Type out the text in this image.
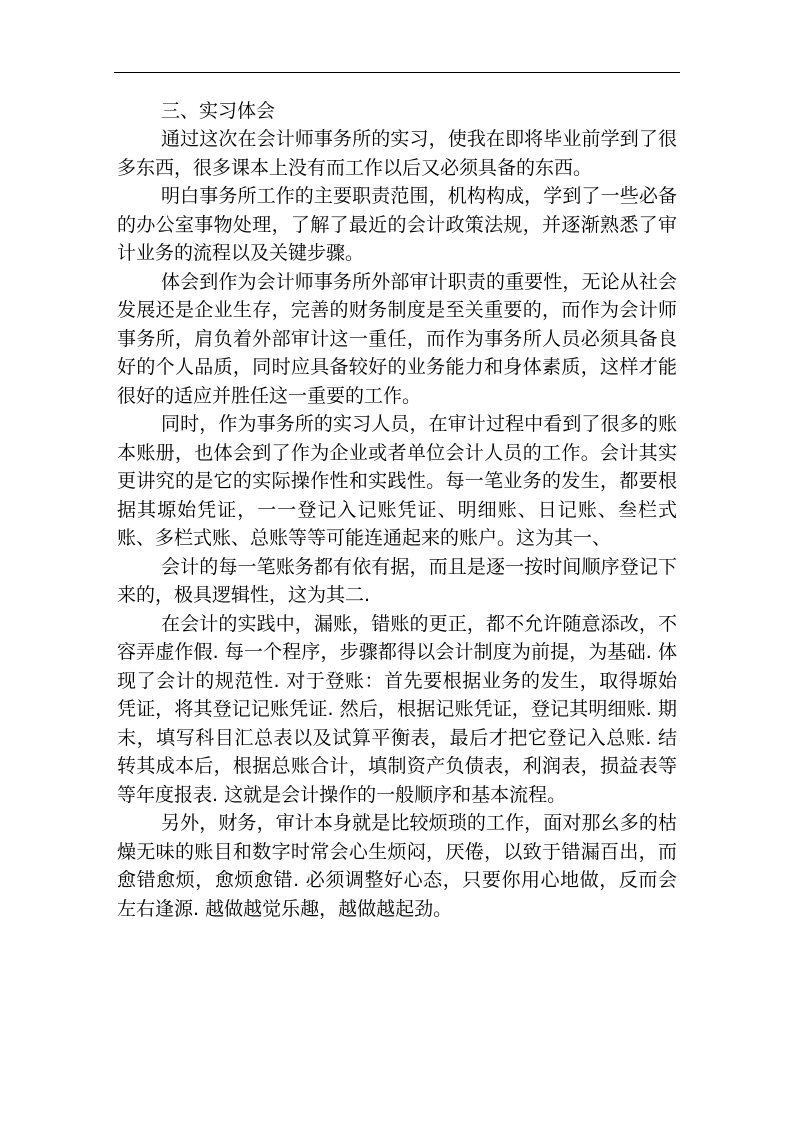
三、实习体会

通过这次在会计师事务所的实习，使我在即将毕业前学到了很多东西，很多课本上没有而工作以后又必须具备的东西。

明白事务所工作的主要职责范围，机构构成，学到了一些必备的办公室事物处理，了解了最近的会计政策法规，并逐渐熟悉了审计业务的流程以及关键步骤。

体会到作为会计师事务所外部审计职责的重要性，无论从社会发展还是企业生存，完善的财务制度是至关重要的，而作为会计师事务所，肩负着外部审计这一重任，而作为事务所人员必须具备良好的个人品质，同时应具备较好的业务能力和身体素质，这样才能很好的适应并胜任这一重要的工作。

同时，作为事务所的实习人员，在审计过程中看到了很多的账本账册，也体会到了作为企业或者单位会计人员的工作。会计其实更讲究的是它的实际操作性和实践性。每一笔业务的发生，都要根据其塬始凭证，一一登记入记账凭证、明细账、日记账、叁栏式账、多栏式账、总账等等可能连通起来的账户。这为其一、

会计的每一笔账务都有依有据，而且是逐一按时间顺序登记下来的，极具逻辑性，这为其二.

在会计的实践中，漏账，错账的更正，都不允许随意添改，不容弄虚作假. 每一个程序，步骤都得以会计制度为前提，为基础. 体现了会计的规范性. 对于登账：首先要根据业务的发生，取得塬始凭证，将其登记记账凭证. 然后，根据记账凭证，登记其明细账. 期末，填写科目汇总表以及试算平衡表，最后才把它登记入总账. 结转其成本后，根据总账合计，填制资产负债表，利润表，损益表等等年度报表. 这就是会计操作的一般顺序和基本流程。

另外，财务，审计本身就是比较烦琐的工作，面对那幺多的枯燥无味的账目和数字时常会心生烦闷，厌倦，以致于错漏百出，而愈错愈烦，愈烦愈错. 必须调整好心态，只要你用心地做，反而会左右逢源. 越做越觉乐趣，越做越起劲。
